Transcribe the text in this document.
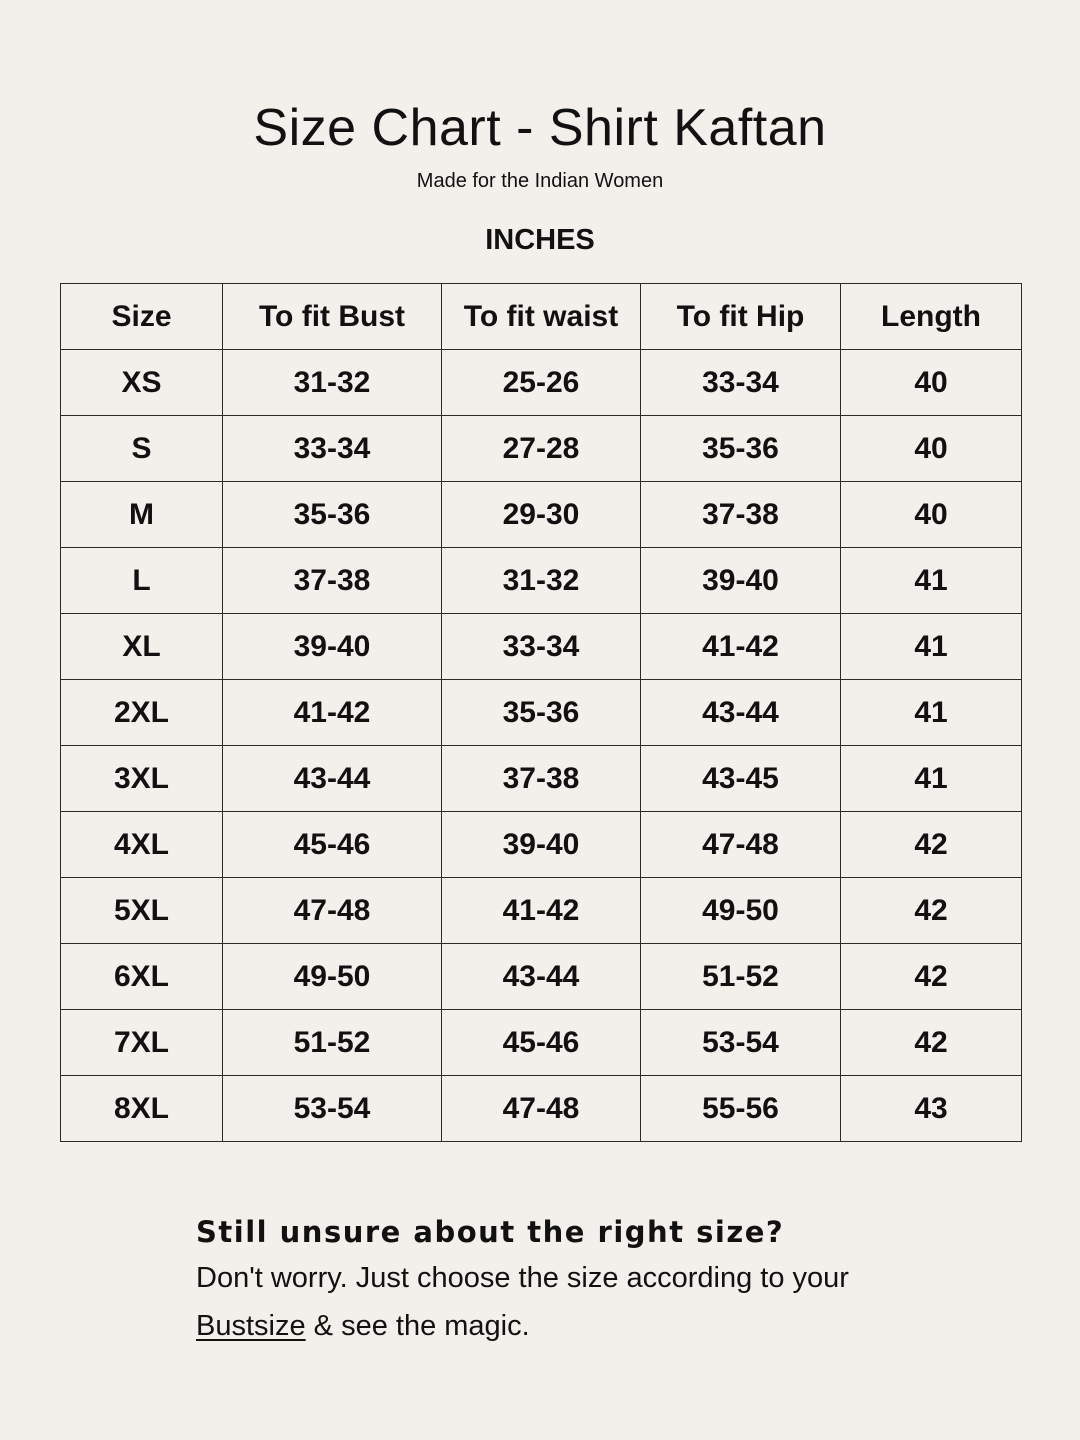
Size Chart - Shirt Kaftan
Made for the Indian Women
INCHES
Size	To fit Bust	To fit waist	To fit Hip	Length
XS	31-32	25-26	33-34	40
S	33-34	27-28	35-36	40
M	35-36	29-30	37-38	40
L	37-38	31-32	39-40	41
XL	39-40	33-34	41-42	41
2XL	41-42	35-36	43-44	41
3XL	43-44	37-38	43-45	41
4XL	45-46	39-40	47-48	42
5XL	47-48	41-42	49-50	42
6XL	49-50	43-44	51-52	42
7XL	51-52	45-46	53-54	42
8XL	53-54	47-48	55-56	43
Still unsure about the right size?
Don't worry. Just choose the size according to your
Bustsize & see the magic.
